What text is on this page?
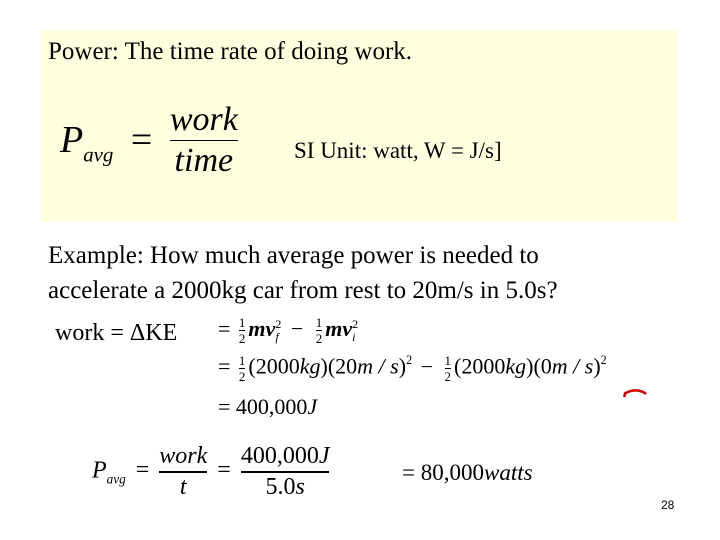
Power: The time rate of doing work.
$P_{avg} = \frac{\text{work}}{\text{time}}$ SI Unit: watt, W = J/s]
Example: How much average power is needed to
accelerate a 2000kg car from rest to 20m/s in 5.0s?
work = $\Delta KE = \frac{1}{2}$ mv 2
$f - \frac{1}{2}$ mv 2
i
= $\frac{1}{2} (2000kg)(20m / s)^2 - \frac{1}{2} (2000kg)(0m / s)^2$
= 400,000J
$P_{avg} = \frac{\text{work}}{t} = \frac{400,000J}{5.0s}$	= 80,000watts
28
